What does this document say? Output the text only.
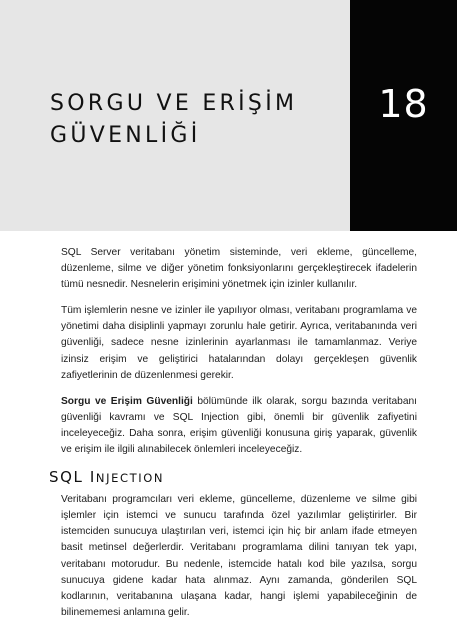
SORGU VE ERİŞİM
GÜVENLİĞİ
18

SQL Server veritabanı yönetim sisteminde, veri ekleme, güncelleme, düzenleme, silme ve diğer yönetim fonksiyonlarını gerçekleştirecek ifadelerin tümü nesnedir. Nesnelerin erişimini yönetmek için izinler kullanılır.

Tüm işlemlerin nesne ve izinler ile yapılıyor olması, veritabanı programlama ve yönetimi daha disiplinli yapmayı zorunlu hale getirir. Ayrıca, veritabanında veri güvenliği, sadece nesne izinlerinin ayarlanması ile tamamlanmaz. Veriye izinsiz erişim ve geliştirici hatalarından dolayı gerçekleşen güvenlik zafiyetlerinin de düzenlenmesi gerekir.

Sorgu ve Erişim Güvenliği bölümünde ilk olarak, sorgu bazında veritabanı güvenliği kavramı ve SQL Injection gibi, önemli bir güvenlik zafiyetini inceleyeceğiz. Daha sonra, erişim güvenliği konusuna giriş yaparak, güvenlik ve erişim ile ilgili alınabilecek önlemleri inceleyeceğiz.

SQL INJECTION

Veritabanı programcıları veri ekleme, güncelleme, düzenleme ve silme gibi işlemler için istemci ve sunucu tarafında özel yazılımlar geliştirirler. Bir istemciden sunucuya ulaştırılan veri, istemci için hiç bir anlam ifade etmeyen basit metinsel değerlerdir. Veritabanı programlama dilini tanıyan tek yapı, veritabanı motorudur. Bu nedenle, istemcide hatalı kod bile yazılsa, sorgu sunucuya gidene kadar hata alınmaz. Aynı zamanda, gönderilen SQL kodlarının, veritabanına ulaşana kadar, hangi işlemi yapabileceğinin de bilinememesi anlamına gelir.
